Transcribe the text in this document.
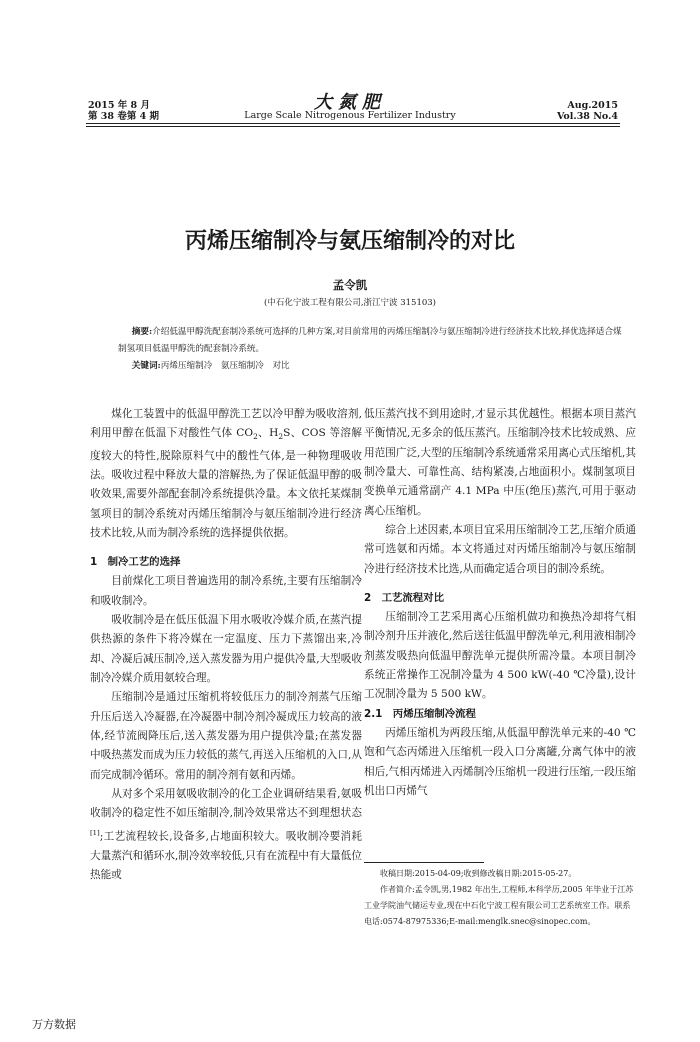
2015 年 8 月
第 38 卷第 4 期
大氮肥
Large Scale Nitrogenous Fertilizer Industry
Aug.2015
Vol.38 No.4
丙烯压缩制冷与氨压缩制冷的对比
孟令凯
(中石化宁波工程有限公司,浙江宁波 315103)
摘要:介绍低温甲醇洗配套制冷系统可选择的几种方案,对目前常用的丙烯压缩制冷与氨压缩制冷进行经济技术比较,择优选择适合煤制氢项目低温甲醇洗的配套制冷系统。
关键词:丙烯压缩制冷　氨压缩制冷　对比

煤化工装置中的低温甲醇洗工艺以冷甲醇为吸收溶剂,利用甲醇在低温下对酸性气体 $CO_2$、$H_2S$、COS 等溶解度较大的特性,脱除原料气中的酸性气体,是一种物理吸收法。吸收过程中释放大量的溶解热,为了保证低温甲醇的吸收效果,需要外部配套制冷系统提供冷量。本文依托某煤制氢项目的制冷系统对丙烯压缩制冷与氨压缩制冷进行经济技术比较,从而为制冷系统的选择提供依据。

1　制冷工艺的选择

目前煤化工项目普遍选用的制冷系统,主要有压缩制冷和吸收制冷。

吸收制冷是在低压低温下用水吸收冷媒介质,在蒸汽提供热源的条件下将冷媒在一定温度、压力下蒸馏出来,冷却、冷凝后减压制冷,送入蒸发器为用户提供冷量,大型吸收制冷冷媒介质用氨较合理。

压缩制冷是通过压缩机将较低压力的制冷剂蒸气压缩升压后送入冷凝器,在冷凝器中制冷剂冷凝成压力较高的液体,经节流阀降压后,送入蒸发器为用户提供冷量;在蒸发器中吸热蒸发而成为压力较低的蒸气,再送入压缩机的入口,从而完成制冷循环。常用的制冷剂有氨和丙烯。

从对多个采用氨吸收制冷的化工企业调研结果看,氨吸收制冷的稳定性不如压缩制冷,制冷效果常达不到理想状态[1];工艺流程较长,设备多,占地面积较大。吸收制冷要消耗大量蒸汽和循环水,制冷效率较低,只有在流程中有大量低位热能或

低压蒸汽找不到用途时,才显示其优越性。根据本项目蒸汽平衡情况,无多余的低压蒸汽。压缩制冷技术比较成熟、应用范围广泛,大型的压缩制冷系统通常采用离心式压缩机,其制冷量大、可靠性高、结构紧凑,占地面积小。煤制氢项目变换单元通常副产 4.1 MPa 中压(绝压)蒸汽,可用于驱动离心压缩机。

综合上述因素,本项目宜采用压缩制冷工艺,压缩介质通常可选氨和丙烯。本文将通过对丙烯压缩制冷与氨压缩制冷进行经济技术比选,从而确定适合项目的制冷系统。

2　工艺流程对比

压缩制冷工艺采用离心压缩机做功和换热冷却将气相制冷剂升压并液化,然后送往低温甲醇洗单元,利用液相制冷剂蒸发吸热向低温甲醇洗单元提供所需冷量。本项目制冷系统正常操作工况制冷量为 4 500 kW(-40 ℃冷量),设计工况制冷量为 5 500 kW。

2.1　丙烯压缩制冷流程

丙烯压缩机为两段压缩,从低温甲醇洗单元来的-40 ℃饱和气态丙烯进入压缩机一段入口分离罐,分离气体中的液相后,气相丙烯进入丙烯制冷压缩机一段进行压缩,一段压缩机出口丙烯气

收稿日期:2015-04-09;收到修改稿日期:2015-05-27。

作者简介:孟令凯,男,1982 年出生,工程师,本科学历,2005 年毕业于江苏工业学院油气储运专业,现在中石化宁波工程有限公司工艺系统室工作。联系电话:0574-87975336;E-mail:menglk.snec@sinopec.com。

万方数据
